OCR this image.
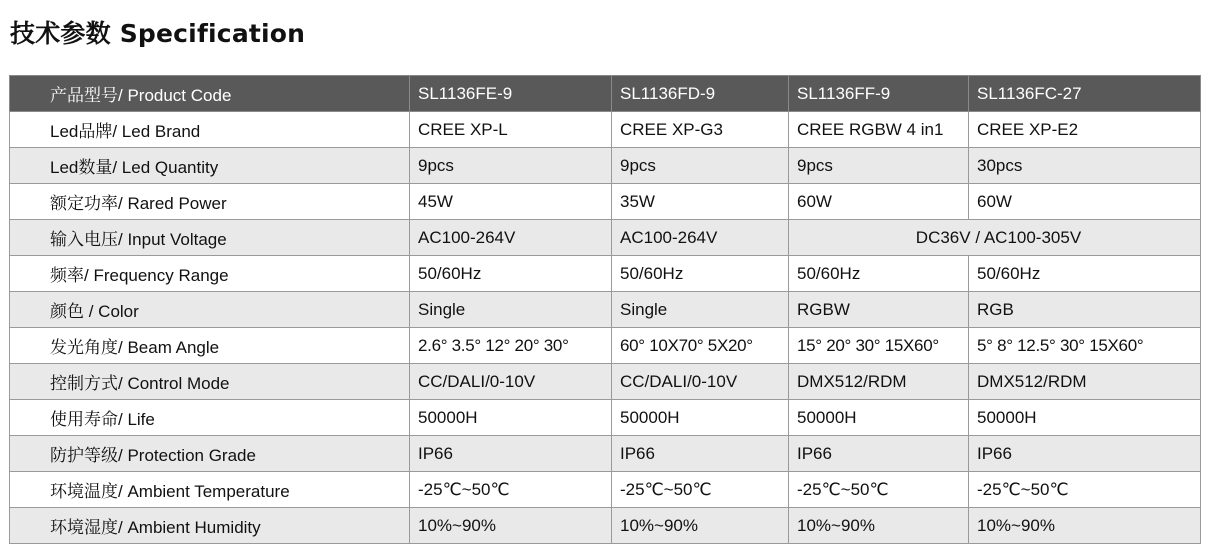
技术参数 Specification
产品型号/ Product Code	SL1136FE-9	SL1136FD-9	SL1136FF-9	SL1136FC-27
Led品牌/ Led Brand	CREE XP-L	CREE XP-G3	CREE RGBW 4 in1	CREE XP-E2
Led数量/ Led Quantity	9pcs	9pcs	9pcs	30pcs
额定功率/ Rared Power	45W	35W	60W	60W
输入电压/ Input Voltage	AC100-264V	AC100-264V	DC36V / AC100-305V	
频率/ Frequency Range	50/60Hz	50/60Hz	50/60Hz	50/60Hz
颜色 / Color	Single	Single	RGBW	RGB
发光角度/ Beam Angle	2.6° 3.5° 12° 20° 30°	60° 10X70° 5X20°	15° 20° 30° 15X60°	5° 8° 12.5° 30° 15X60°
控制方式/ Control Mode	CC/DALI/0-10V	CC/DALI/0-10V	DMX512/RDM	DMX512/RDM
使用寿命/ Life	50000H	50000H	50000H	50000H
防护等级/ Protection Grade	IP66	IP66	IP66	IP66
环境温度/ Ambient Temperature	-25℃~50℃	-25℃~50℃	-25℃~50℃	-25℃~50℃
环境湿度/ Ambient Humidity	10%~90%	10%~90%	10%~90%	10%~90%
